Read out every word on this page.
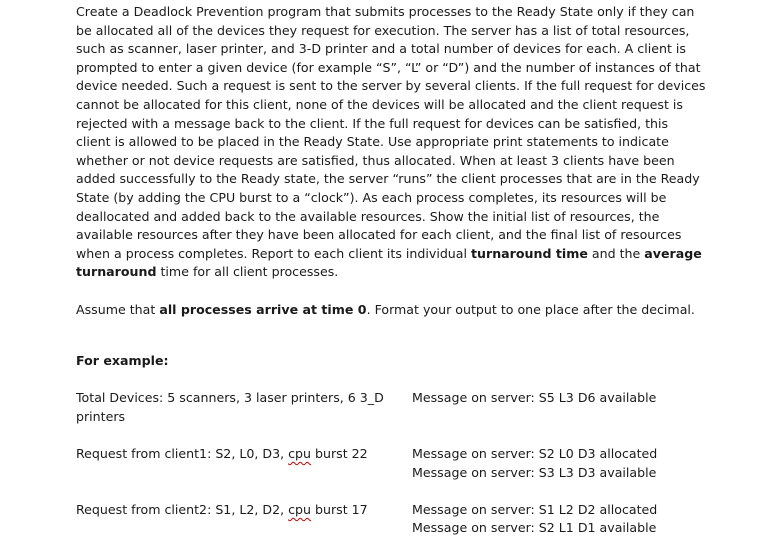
Create a Deadlock Prevention program that submits processes to the Ready State only if they can be allocated all of the devices they request for execution. The server has a list of total resources, such as scanner, laser printer, and 3-D printer and a total number of devices for each. A client is prompted to enter a given device (for example “S”, “L” or “D”) and the number of instances of that device needed. Such a request is sent to the server by several clients. If the full request for devices cannot be allocated for this client, none of the devices will be allocated and the client request is rejected with a message back to the client. If the full request for devices can be satisfied, this client is allowed to be placed in the Ready State. Use appropriate print statements to indicate whether or not device requests are satisfied, thus allocated. When at least 3 clients have been added successfully to the Ready state, the server “runs” the client processes that are in the Ready State (by adding the CPU burst to a “clock”). As each process completes, its resources will be deallocated and added back to the available resources. Show the initial list of resources, the available resources after they have been allocated for each client, and the final list of resources when a process completes. Report to each client its individual turnaround time and the average turnaround time for all client processes.

Assume that all processes arrive at time 0. Format your output to one place after the decimal.

For example:

Total Devices: 5 scanners, 3 laser printers, 6 3_D
printers
Message on server: S5 L3 D6 available
Request from client1: S2, L0, D3, cpu burst 22	Message on server: S2 L0 D3 allocated
Message on server: S3 L3 D3 available
Request from client2: S1, L2, D2, cpu burst 17	Message on server: S1 L2 D2 allocated
Message on server: S2 L1 D1 available
